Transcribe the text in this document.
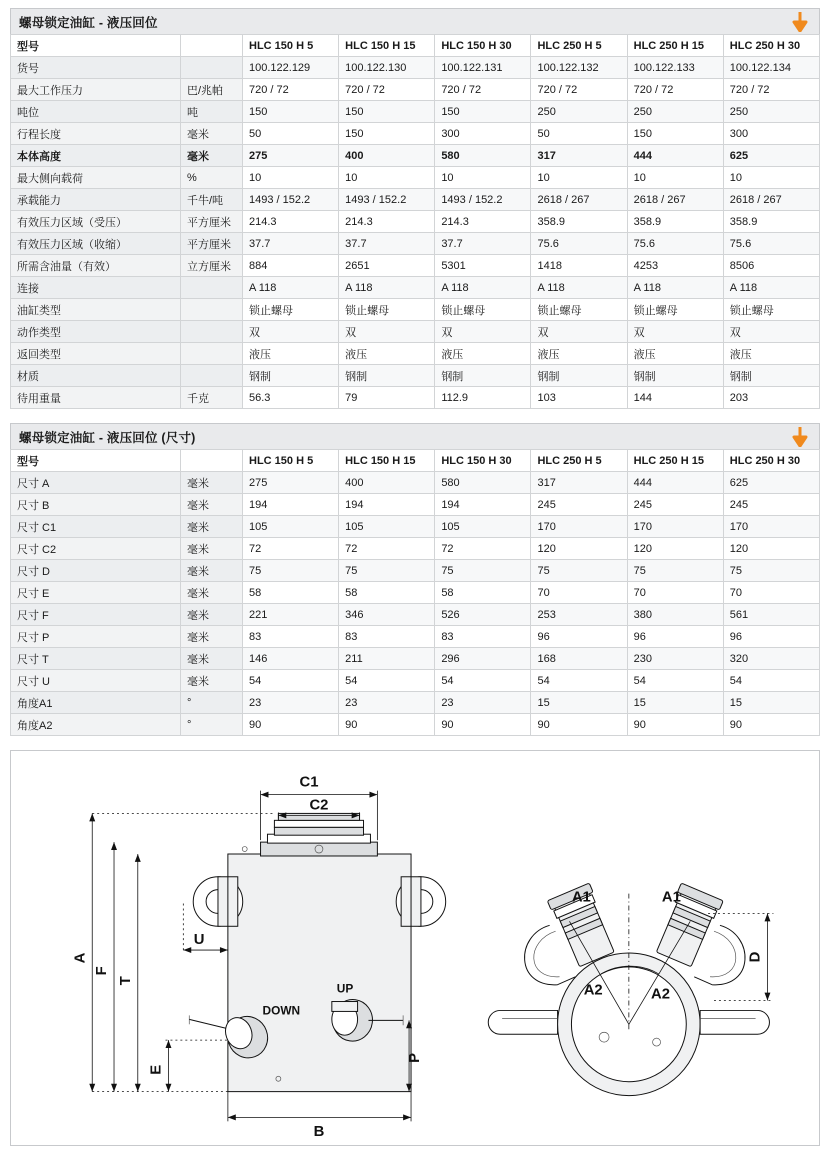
螺母锁定油缸 - 液压回位
型号		HLC 150 H 5	HLC 150 H 15	HLC 150 H 30	HLC 250 H 5	HLC 250 H 15	HLC 250 H 30
货号		100.122.129	100.122.130	100.122.131	100.122.132	100.122.133	100.122.134
最大工作压力	巴/兆帕	720 / 72	720 / 72	720 / 72	720 / 72	720 / 72	720 / 72
吨位	吨	150	150	150	250	250	250
行程长度	毫米	50	150	300	50	150	300
本体高度	毫米	275	400	580	317	444	625
最大侧向载荷	%	10	10	10	10	10	10
承载能力	千牛/吨	1493 / 152.2	1493 / 152.2	1493 / 152.2	2618 / 267	2618 / 267	2618 / 267
有效压力区域（受压）	平方厘米	214.3	214.3	214.3	358.9	358.9	358.9
有效压力区域（收缩）	平方厘米	37.7	37.7	37.7	75.6	75.6	75.6
所需含油量（有效）	立方厘米	884	2651	5301	1418	4253	8506
连接		A 118	A 118	A 118	A 118	A 118	A 118
油缸类型		锁止螺母	锁止螺母	锁止螺母	锁止螺母	锁止螺母	锁止螺母
动作类型		双	双	双	双	双	双
返回类型		液压	液压	液压	液压	液压	液压
材质		钢制	钢制	钢制	钢制	钢制	钢制
待用重量	千克	56.3	79	112.9	103	144	203
螺母锁定油缸 - 液压回位 (尺寸)
型号		HLC 150 H 5	HLC 150 H 15	HLC 150 H 30	HLC 250 H 5	HLC 250 H 15	HLC 250 H 30
尺寸 A	毫米	275	400	580	317	444	625
尺寸 B	毫米	194	194	194	245	245	245
尺寸 C1	毫米	105	105	105	170	170	170
尺寸 C2	毫米	72	72	72	120	120	120
尺寸 D	毫米	75	75	75	75	75	75
尺寸 E	毫米	58	58	58	70	70	70
尺寸 F	毫米	221	346	526	253	380	561
尺寸 P	毫米	83	83	83	96	96	96
尺寸 T	毫米	146	211	296	168	230	320
尺寸 U	毫米	54	54	54	54	54	54
角度A1	°	23	23	23	15	15	15
角度A2	°	90	90	90	90	90	90
DOWN
UP
C1
C2
A
F
T
U
E
P
B
A1	A1
A2	A2
D
